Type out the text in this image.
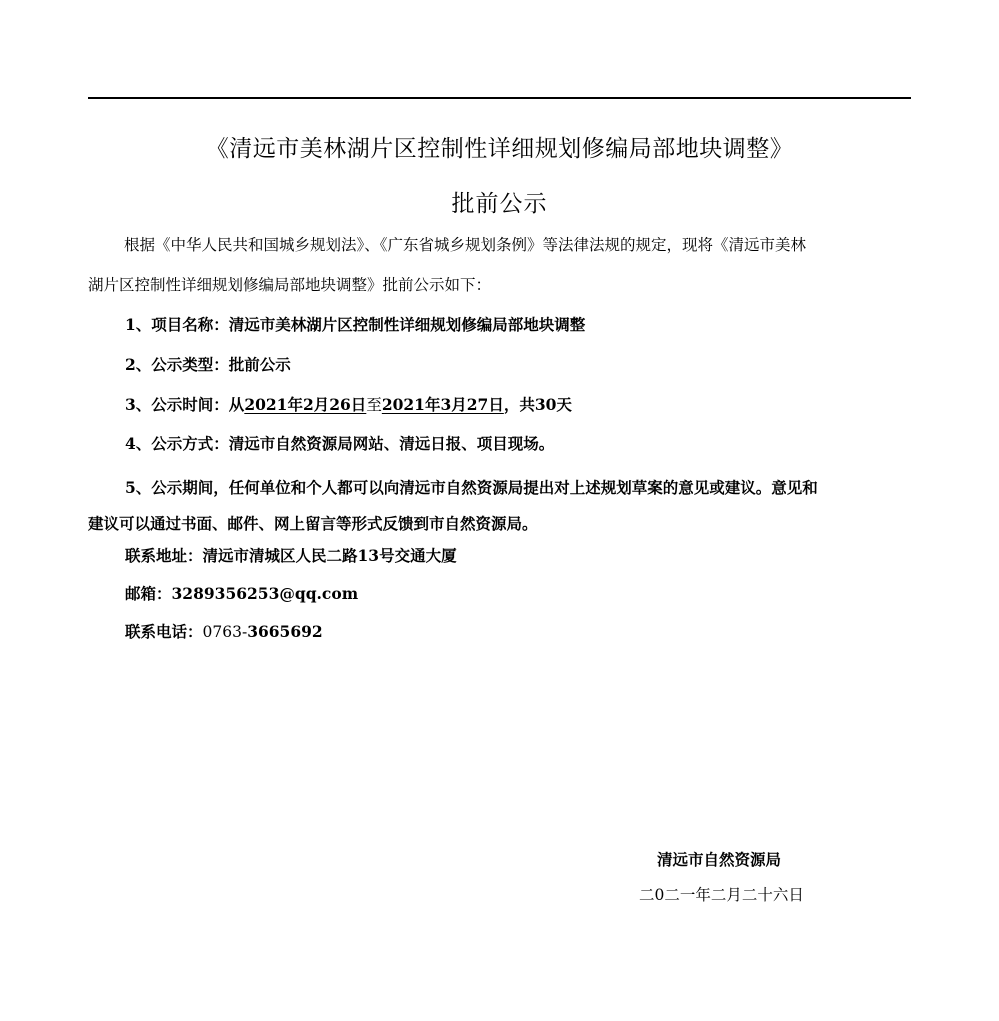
《清远市美林湖片区控制性详细规划修编局部地块调整》
批前公示
根据《中华人民共和国城乡规划法》、《广东省城乡规划条例》等法律法规的规定，现将《清远市美林
湖片区控制性详细规划修编局部地块调整》批前公示如下：
1、项目名称：清远市美林湖片区控制性详细规划修编局部地块调整
2、公示类型：批前公示
3、公示时间：从2021年2月26日至2021年3月27日，共30天
4、公示方式：清远市自然资源局网站、清远日报、项目现场。
5、公示期间，任何单位和个人都可以向清远市自然资源局提出对上述规划草案的意见或建议。意见和
建议可以通过书面、邮件、网上留言等形式反馈到市自然资源局。
联系地址：清远市清城区人民二路13号交通大厦
邮箱：3289356253@qq.com
联系电话：0763-3665692
清远市自然资源局
二0二一年二月二十六日
